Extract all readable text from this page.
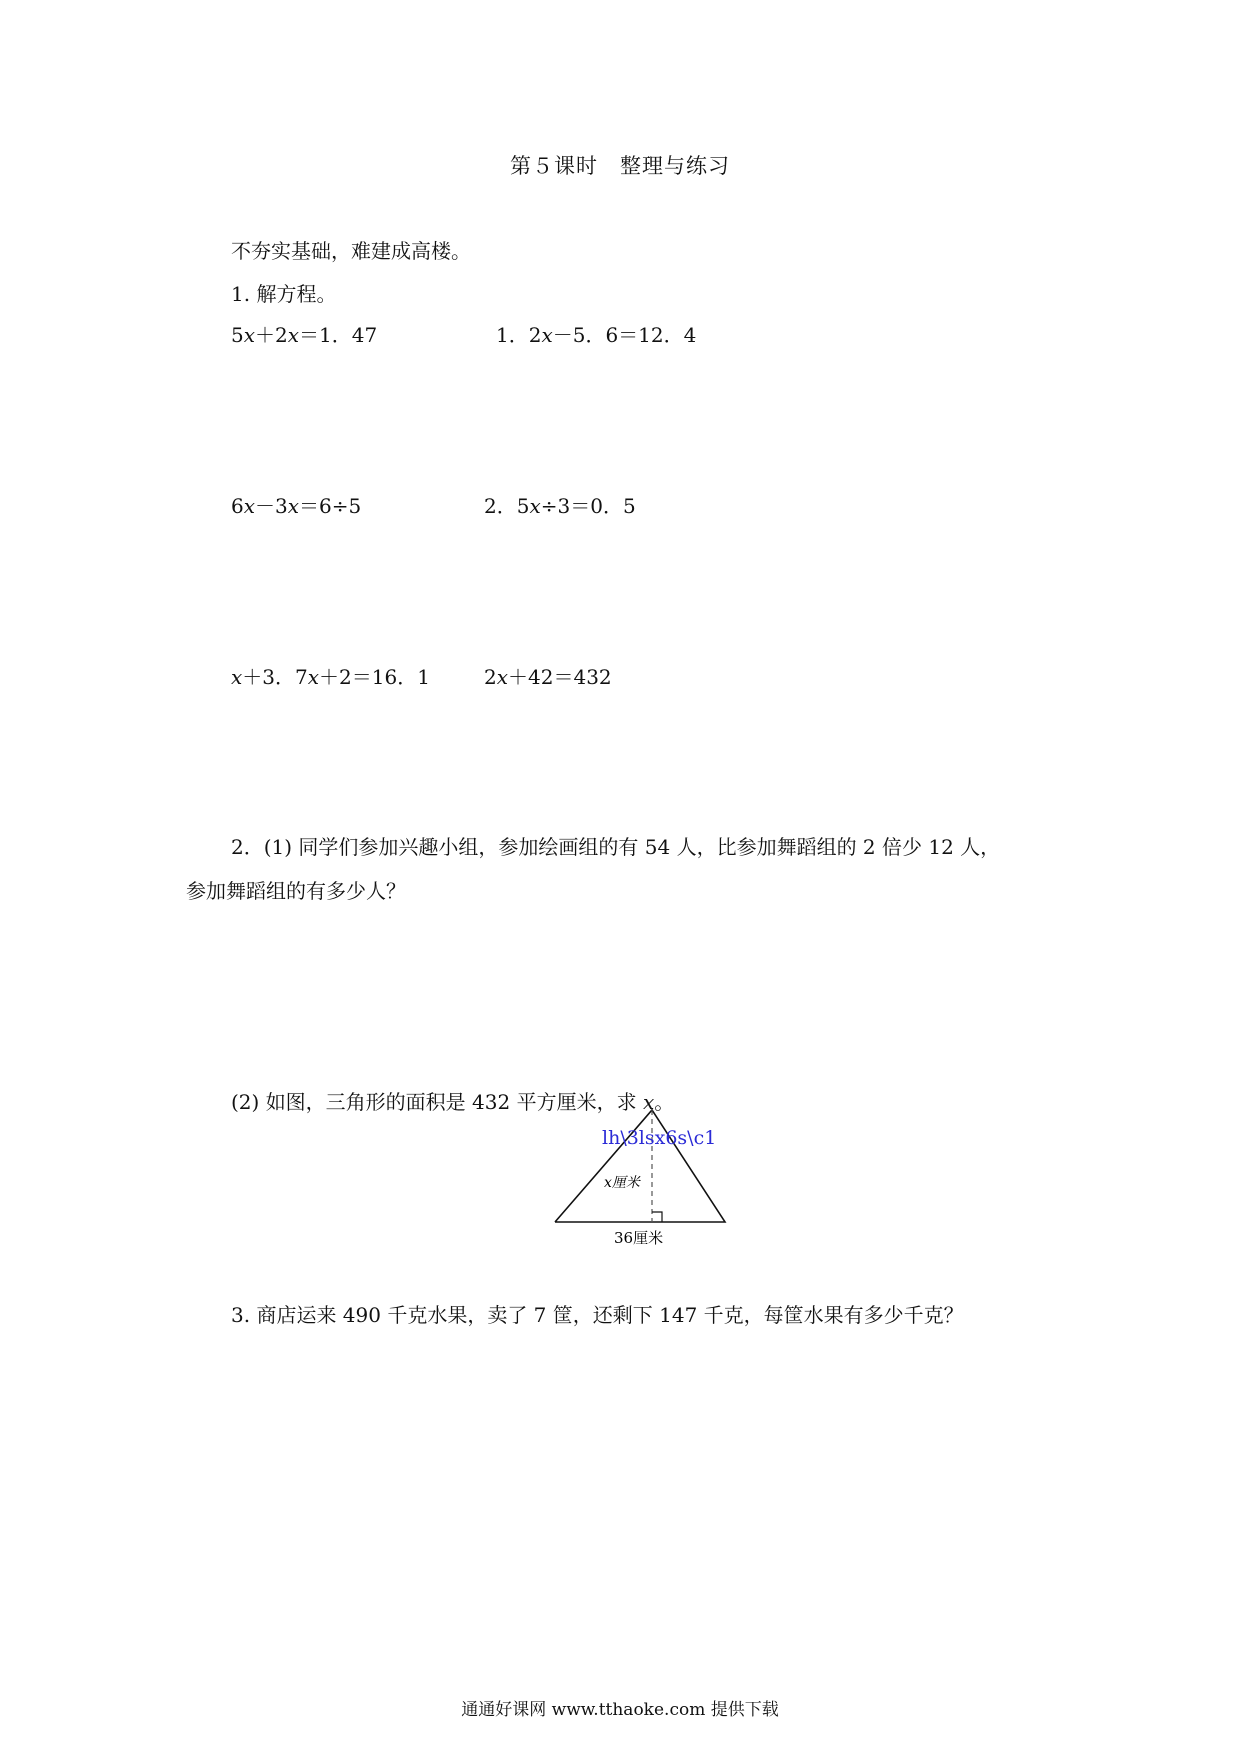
第５课时　整理与练习
不夯实基础，难建成高楼。
1. 解方程。
5x＋2x＝1．47	1．2x－5．6＝12．4
6x－3x＝6÷5	2．5x÷3＝0．5
x＋3．7x＋2＝16．1	2x＋42＝432
2．(1) 同学们参加兴趣小组，参加绘画组的有 54 人，比参加舞蹈组的 2 倍少 12 人，
参加舞蹈组的有多少人？
(2) 如图，三角形的面积是 432 平方厘米，求 x。
lh\3lsx6s\c1
x厘米
36厘米
3. 商店运来 490 千克水果，卖了 7 筐，还剩下 147 千克，每筐水果有多少千克？
通通好课网 www.tthaoke.com 提供下载
